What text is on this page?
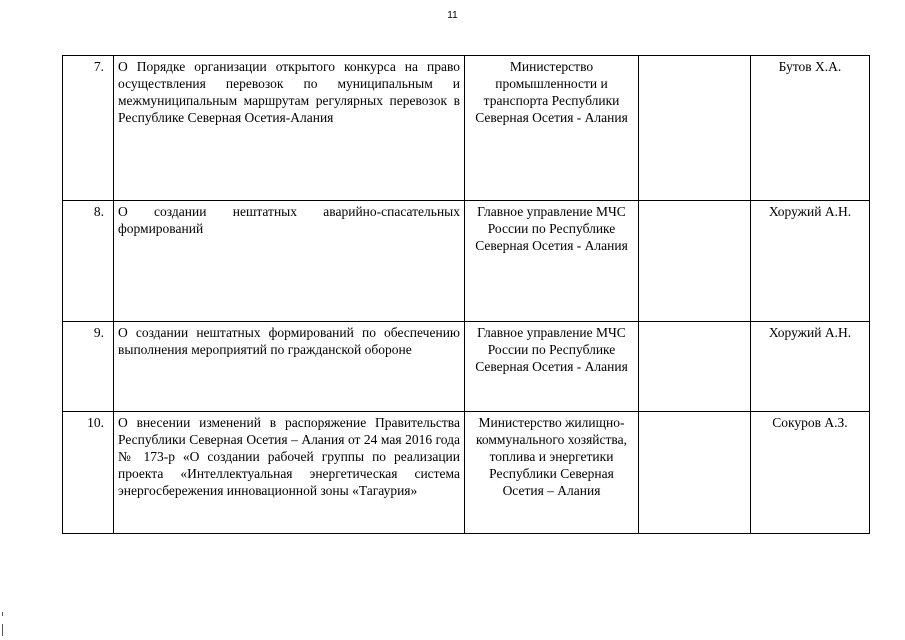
11
7.	О Порядке организации открытого конкурса на право осуществления перевозок по муниципальным и межмуниципальным маршрутам регулярных перевозок в Республике Северная Осетия-Алания	Министерство промышленности и транспорта Республики Северная Осетия - Алания		Бутов Х.А.
8.	О создании нештатных аварийно-спасательных формирований	Главное управление МЧС России по Республике Северная Осетия - Алания		Хоружий А.Н.
9.	О создании нештатных формирований по обеспечению выполнения мероприятий по гражданской обороне	Главное управление МЧС России по Республике Северная Осетия - Алания		Хоружий А.Н.
10.	О внесении изменений в распоряжение Правительства Республики Северная Осетия – Алания от 24 мая 2016 года № 173-р «О создании рабочей группы по реализации проекта «Интеллектуальная энергетическая система энергосбережения инновационной зоны «Тагаурия»	Министерство жилищно-коммунального хозяйства, топлива и энергетики Республики Северная Осетия – Алания		Сокуров А.З.
